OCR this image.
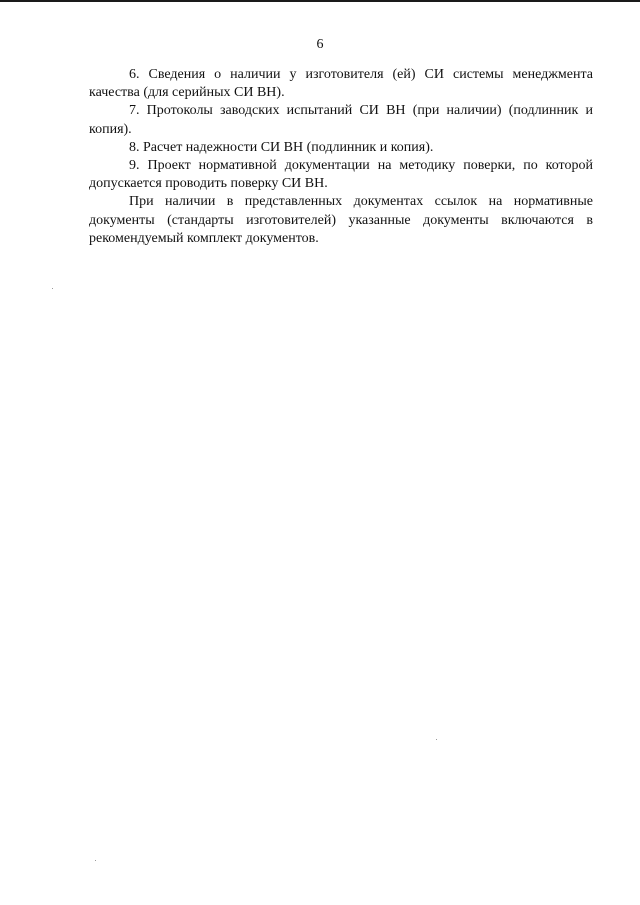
6

6. Сведения о наличии у изготовителя (ей) СИ системы менеджмента качества (для серийных СИ ВН).

7. Протоколы заводских испытаний СИ ВН (при наличии) (подлинник и копия).

8. Расчет надежности СИ ВН (подлинник и копия).

9. Проект нормативной документации на методику поверки, по которой допускается проводить поверку СИ ВН.

При наличии в представленных документах ссылок на нормативные документы (стандарты изготовителей) указанные документы включаются в рекомендуемый комплект документов.
